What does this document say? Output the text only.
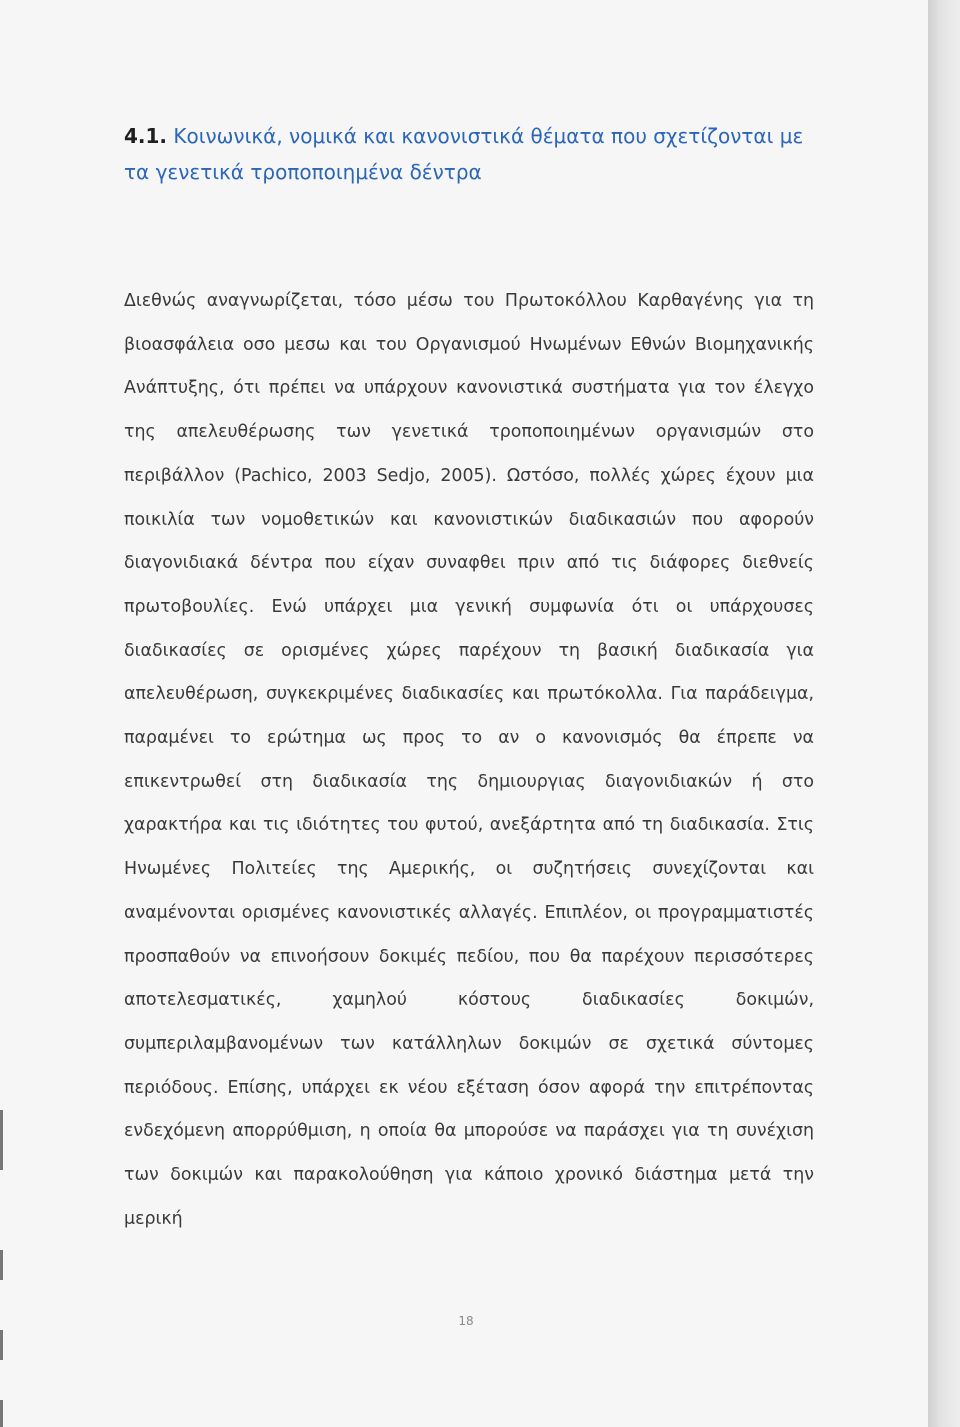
4.1. Κοινωνικά, νομικά και κανονιστικά θέματα που σχετίζονται με τα γενετικά τροποποιημένα δέντρα

Διεθνώς αναγνωρίζεται, τόσο μέσω του Πρωτοκόλλου Καρθαγένης για τη βιοασφάλεια οσο μεσω και του Οργανισμού Ηνωμένων Εθνών Βιομηχανικής Ανάπτυξης, ότι πρέπει να υπάρχουν κανονιστικά συστήματα για τον έλεγχο της απελευθέρωσης των γενετικά τροποποιημένων οργανισμών στο περιβάλλον (Pachico, 2003 Sedjo, 2005). Ωστόσο, πολλές χώρες έχουν μια ποικιλία των νομοθετικών και κανονιστικών διαδικασιών που αφορούν διαγονιδιακά δέντρα που είχαν συναφθει πριν από τις διάφορες διεθνείς πρωτοβουλίες. Ενώ υπάρχει μια γενική συμφωνία ότι οι υπάρχουσες διαδικασίες σε ορισμένες χώρες παρέχουν τη βασική διαδικασία για απελευθέρωση, συγκεκριμένες διαδικασίες και πρωτόκολλα. Για παράδειγμα, παραμένει το ερώτημα ως προς το αν ο κανονισμός θα έπρεπε να επικεντρωθεί στη διαδικασία της δημιουργιας διαγονιδιακών ή στο χαρακτήρα και τις ιδιότητες του φυτού, ανεξάρτητα από τη διαδικασία. Στις Ηνωμένες Πολιτείες της Αμερικής, οι συζητήσεις συνεχίζονται και αναμένονται ορισμένες κανονιστικές αλλαγές. Επιπλέον, οι προγραμματιστές προσπαθούν να επινοήσουν δοκιμές πεδίου, που θα παρέχουν περισσότερες αποτελεσματικές, χαμηλού κόστους διαδικασίες δοκιμών, συμπεριλαμβανομένων των κατάλληλων δοκιμών σε σχετικά σύντομες περιόδους. Επίσης, υπάρχει εκ νέου εξέταση όσον αφορά την επιτρέποντας ενδεχόμενη απορρύθμιση, η οποία θα μπορούσε να παράσχει για τη συνέχιση των δοκιμών και παρακολούθηση για κάποιο χρονικό διάστημα μετά την μερική

18
